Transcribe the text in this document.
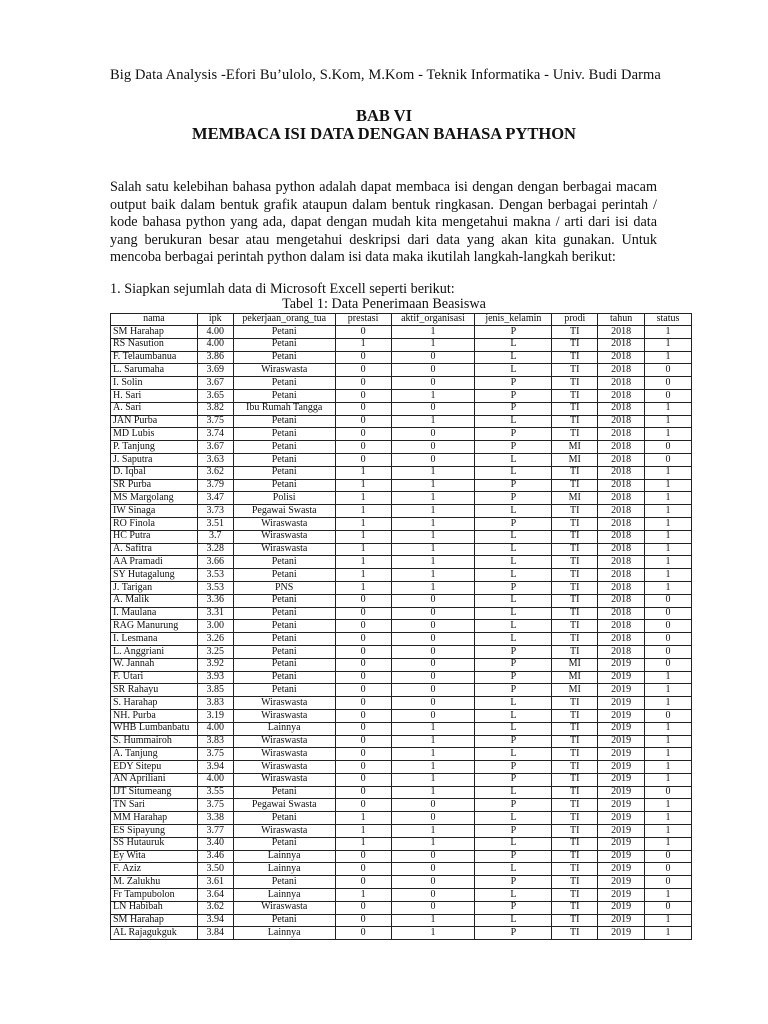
Big Data Analysis -Efori Bu’ulolo, S.Kom, M.Kom - Teknik Informatika - Univ. Budi Darma
BAB VI
MEMBACA ISI DATA DENGAN BAHASA PYTHON
Salah satu kelebihan bahasa python adalah dapat membaca isi dengan dengan berbagai macam output baik dalam bentuk grafik ataupun dalam bentuk ringkasan. Dengan berbagai perintah / kode bahasa python yang ada, dapat dengan mudah kita mengetahui makna / arti dari isi data yang berukuran besar atau mengetahui deskripsi dari data yang akan kita gunakan. Untuk mencoba berbagai perintah python dalam isi data maka ikutilah langkah-langkah berikut:
1. Siapkan sejumlah data di Microsoft Excell seperti berikut:
Tabel 1: Data Penerimaan Beasiswa
nama	ipk	pekerjaan_orang_tua	prestasi	aktif_organisasi	jenis_kelamin	prodi	tahun	status
SM Harahap	4.00	Petani	0	1	P	TI	2018	1
RS Nasution	4.00	Petani	1	1	L	TI	2018	1
F. Telaumbanua	3.86	Petani	0	0	L	TI	2018	1
L. Sarumaha	3.69	Wiraswasta	0	0	L	TI	2018	0
I. Solin	3.67	Petani	0	0	P	TI	2018	0
H. Sari	3.65	Petani	0	1	P	TI	2018	0
A. Sari	3.82	Ibu Rumah Tangga	0	0	P	TI	2018	1
JAN Purba	3.75	Petani	0	1	L	TI	2018	1
MD Lubis	3.74	Petani	0	0	P	TI	2018	1
P. Tanjung	3.67	Petani	0	0	P	MI	2018	0
J. Saputra	3.63	Petani	0	0	L	MI	2018	0
D. Iqbal	3.62	Petani	1	1	L	TI	2018	1
SR Purba	3.79	Petani	1	1	P	TI	2018	1
MS Margolang	3.47	Polisi	1	1	P	MI	2018	1
IW Sinaga	3.73	Pegawai Swasta	1	1	L	TI	2018	1
RO Finola	3.51	Wiraswasta	1	1	P	TI	2018	1
HC Putra	3.7	Wiraswasta	1	1	L	TI	2018	1
A. Safitra	3.28	Wiraswasta	1	1	L	TI	2018	1
AA Pramadi	3.66	Petani	1	1	L	TI	2018	1
SY Hutagalung	3.53	Petani	1	1	L	TI	2018	1
J. Tarigan	3.53	PNS	1	1	P	TI	2018	1
A. Malik	3.36	Petani	0	0	L	TI	2018	0
I. Maulana	3.31	Petani	0	0	L	TI	2018	0
RAG Manurung	3.00	Petani	0	0	L	TI	2018	0
I. Lesmana	3.26	Petani	0	0	L	TI	2018	0
L. Anggriani	3.25	Petani	0	0	P	TI	2018	0
W. Jannah	3.92	Petani	0	0	P	MI	2019	0
F. Utari	3.93	Petani	0	0	P	MI	2019	1
SR Rahayu	3.85	Petani	0	0	P	MI	2019	1
S. Harahap	3.83	Wiraswasta	0	0	L	TI	2019	1
NH. Purba	3.19	Wiraswasta	0	0	L	TI	2019	0
WHB Lumbanbatu	4.00	Lainnya	0	1	L	TI	2019	1
S. Hummairoh	3.83	Wiraswasta	0	1	P	TI	2019	1
A. Tanjung	3.75	Wiraswasta	0	1	L	TI	2019	1
EDY Sitepu	3.94	Wiraswasta	0	1	P	TI	2019	1
AN Apriliani	4.00	Wiraswasta	0	1	P	TI	2019	1
IJT Situmeang	3.55	Petani	0	1	L	TI	2019	0
TN Sari	3.75	Pegawai Swasta	0	0	P	TI	2019	1
MM Harahap	3.38	Petani	1	0	L	TI	2019	1
ES Sipayung	3.77	Wiraswasta	1	1	P	TI	2019	1
SS Hutauruk	3.40	Petani	1	1	L	TI	2019	1
Ey Wita	3.46	Lainnya	0	0	P	TI	2019	0
F. Aziz	3.50	Lainnya	0	0	L	TI	2019	0
M. Zalukhu	3.61	Petani	0	0	P	TI	2019	0
Fr Tampubolon	3.64	Lainnya	1	0	L	TI	2019	1
LN Habibah	3.62	Wiraswasta	0	0	P	TI	2019	0
SM Harahap	3.94	Petani	0	1	L	TI	2019	1
AL Rajagukguk	3.84	Lainnya	0	1	P	TI	2019	1
